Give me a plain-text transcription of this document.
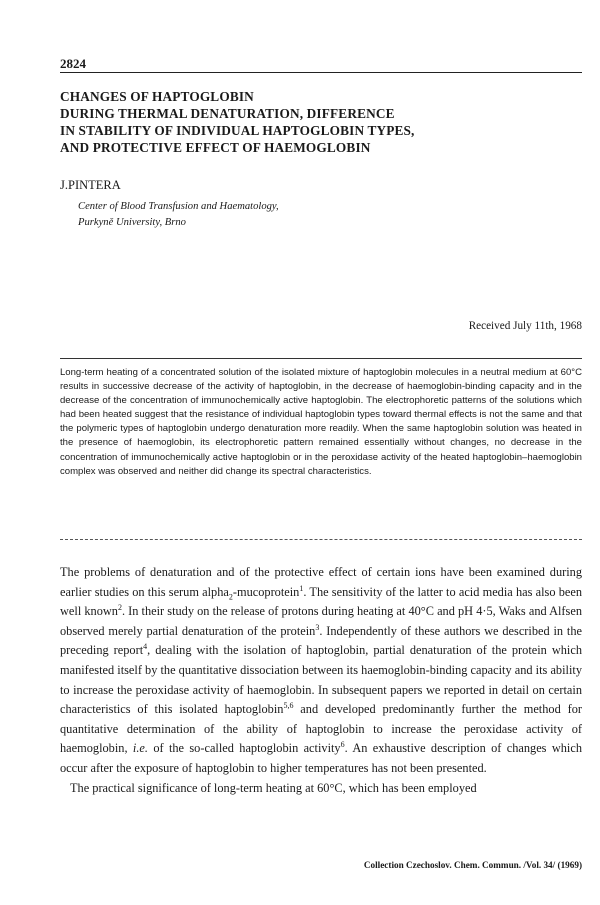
2824
CHANGES OF HAPTOGLOBIN
DURING THERMAL DENATURATION, DIFFERENCE
IN STABILITY OF INDIVIDUAL HAPTOGLOBIN TYPES,
AND PROTECTIVE EFFECT OF HAEMOGLOBIN
J.PINTERA
Center of Blood Transfusion and Haematology,
Purkyně University, Brno
Received July 11th, 1968
Long-term heating of a concentrated solution of the isolated mixture of haptoglobin molecules in a neutral medium at 60°C results in successive decrease of the activity of haptoglobin, in the decrease of haemoglobin-binding capacity and in the decrease of the concentration of immunochemically active haptoglobin. The electrophoretic patterns of the solutions which had been heated suggest that the resistance of individual haptoglobin types toward thermal effects is not the same and that the polymeric types of haptoglobin undergo denaturation more readily. When the same haptoglobin solution was heated in the presence of haemoglobin, its electrophoretic pattern remained essentially without changes, no decrease in the concentration of immunochemically active haptoglobin or in the peroxidase activity of the heated haptoglobin–haemoglobin complex was observed and neither did change its spectral characteristics.

The problems of denaturation and of the protective effect of certain ions have been examined during earlier studies on this serum alpha$_2$-mucoprotein$^1$. The sensitivity of the latter to acid media has also been well known$^2$. In their study on the release of protons during heating at 40°C and pH 4·5, Waks and Alfsen observed merely partial denaturation of the protein$^3$. Independently of these authors we described in the preceding report$^4$, dealing with the isolation of haptoglobin, partial denaturation of the protein which manifested itself by the quantitative dissociation between its haemoglobin-binding capacity and its ability to increase the peroxidase activity of haemoglobin. In subsequent papers we reported in detail on certain characteristics of this isolated haptoglobin$^{5,6}$ and developed predominantly further the method for quantitative determination of the ability of haptoglobin to increase the peroxidase activity of haemoglobin, i.e. of the so-called haptoglobin activity$^6$. An exhaustive description of changes which occur after the exposure of haptoglobin to higher temperatures has not been presented.

The practical significance of long-term heating at 60°C, which has been employed

Collection Czechoslov. Chem. Commun. /Vol. 34/ (1969)
